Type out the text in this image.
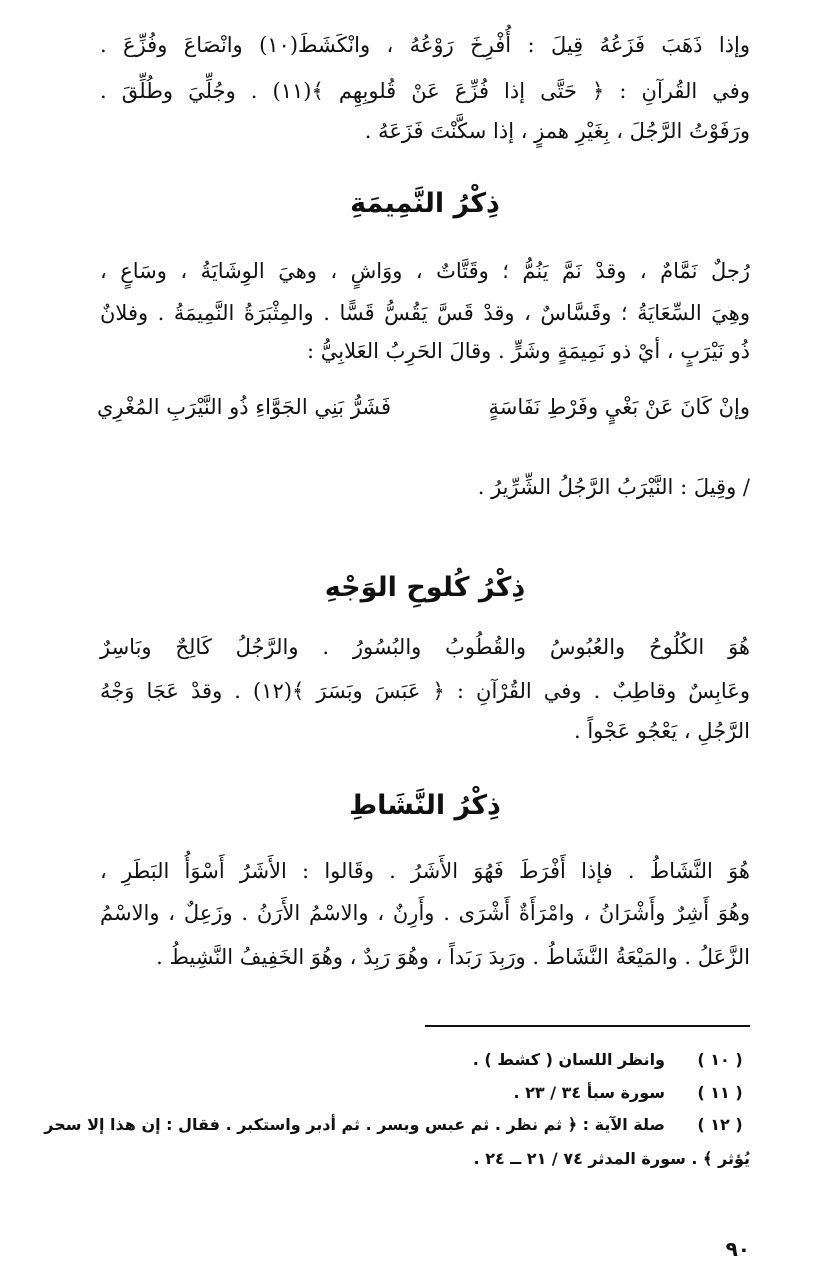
وإذا ذَهَبَ فَزَعُهُ قِيلَ : أُفْرِخَ رَوْعُهُ ، وانْكَشَطَ(١٠) وانْصَاعَ وفُزِّعَ .
وفي القُرآنِ : ﴿ حَتَّى إذا فُزِّعَ عَنْ قُلوبِهِم ﴾(١١) . وجُلِّيَ وطُلِّقَ .
ورَفَوْتُ الرَّجُلَ ، بِغَيْرِ همزٍ ، إذا سكَّنْتَ فَزَعَهُ .
ذِكْرُ النَّمِيمَةِ
رُجلٌ نَمَّامٌ ، وقدْ نَمَّ يَنُمُّ ؛ وقَتَّاتٌ ، ووَاشٍ ، وهيَ الوِشَايَةُ ، وسَاعٍ ،
وهِيَ السِّعَايَةُ ؛ وقَسَّاسٌ ، وقدْ قَسَّ يَقُسُّ قَسًّا . والمِثْبَرَةُ النَّمِيمَةُ . وفلانٌ
ذُو نَيْرَبٍ ، أيْ ذو نَمِيمَةٍ وشَرٍّ . وقالَ الحَرِبُ العَلابِيُّ :
وإنْ كَانَ عَنْ بَغْيٍ وفَرْطِ نَفَاسَةٍ
فَشَرُّ بَنِي الجَوَّاءِ ذُو النَّيْرَبِ المُغْرِي
/ وقِيلَ : النَّيْرَبُ الرَّجُلُ الشِّرِّيرُ .
ذِكْرُ كُلوحِ الوَجْهِ
هُوَ الكُلُوحُ والعُبُوسُ والقُطُوبُ والبُسُورُ . والرَّجُلُ كَالِحٌ وبَاسِرٌ
وعَابِسٌ وقاطِبٌ . وفي القُرْآنِ : ﴿ عَبَسَ وبَسَرَ ﴾(١٢) . وقدْ عَجَا وَجْهُ
الرَّجُلِ ، يَعْجُو عَجْواً .
ذِكْرُ النَّشَاطِ
هُوَ النَّشَاطُ . فإذا أَفْرَطَ فَهُوَ الأَشَرُ . وقَالوا : الأَشَرُ أَسْوَأُ البَطَرِ ،
وهُوَ أَشِرٌ وأَشْرَانُ ، وامْرَأَةٌ أَشْرَى . وأَرِنٌ ، والاسْمُ الأَرَنُ . وزَعِلٌ ، والاسْمُ
الزَّعَلُ . والمَيْعَةُ النَّشَاطُ . ورَبِدَ رَبَداً ، وهُوَ رَبِدٌ ، وهُوَ الخَفِيفُ النَّشِيطُ .
( ١٠ )
وانظر اللسان ( كشط ) .
( ١١ )
سورة سبأ ٣٤ / ٢٣ .
( ١٢ )
صلة الآية : ﴿ ثم نظر . ثم عبس وبسر . ثم أدبر واستكبر . فقال : إن هذا إلا سحر
يُؤثر ﴾ . سورة المدثر ٧٤ / ٢١ ــ ٢٤ .
٩٠
